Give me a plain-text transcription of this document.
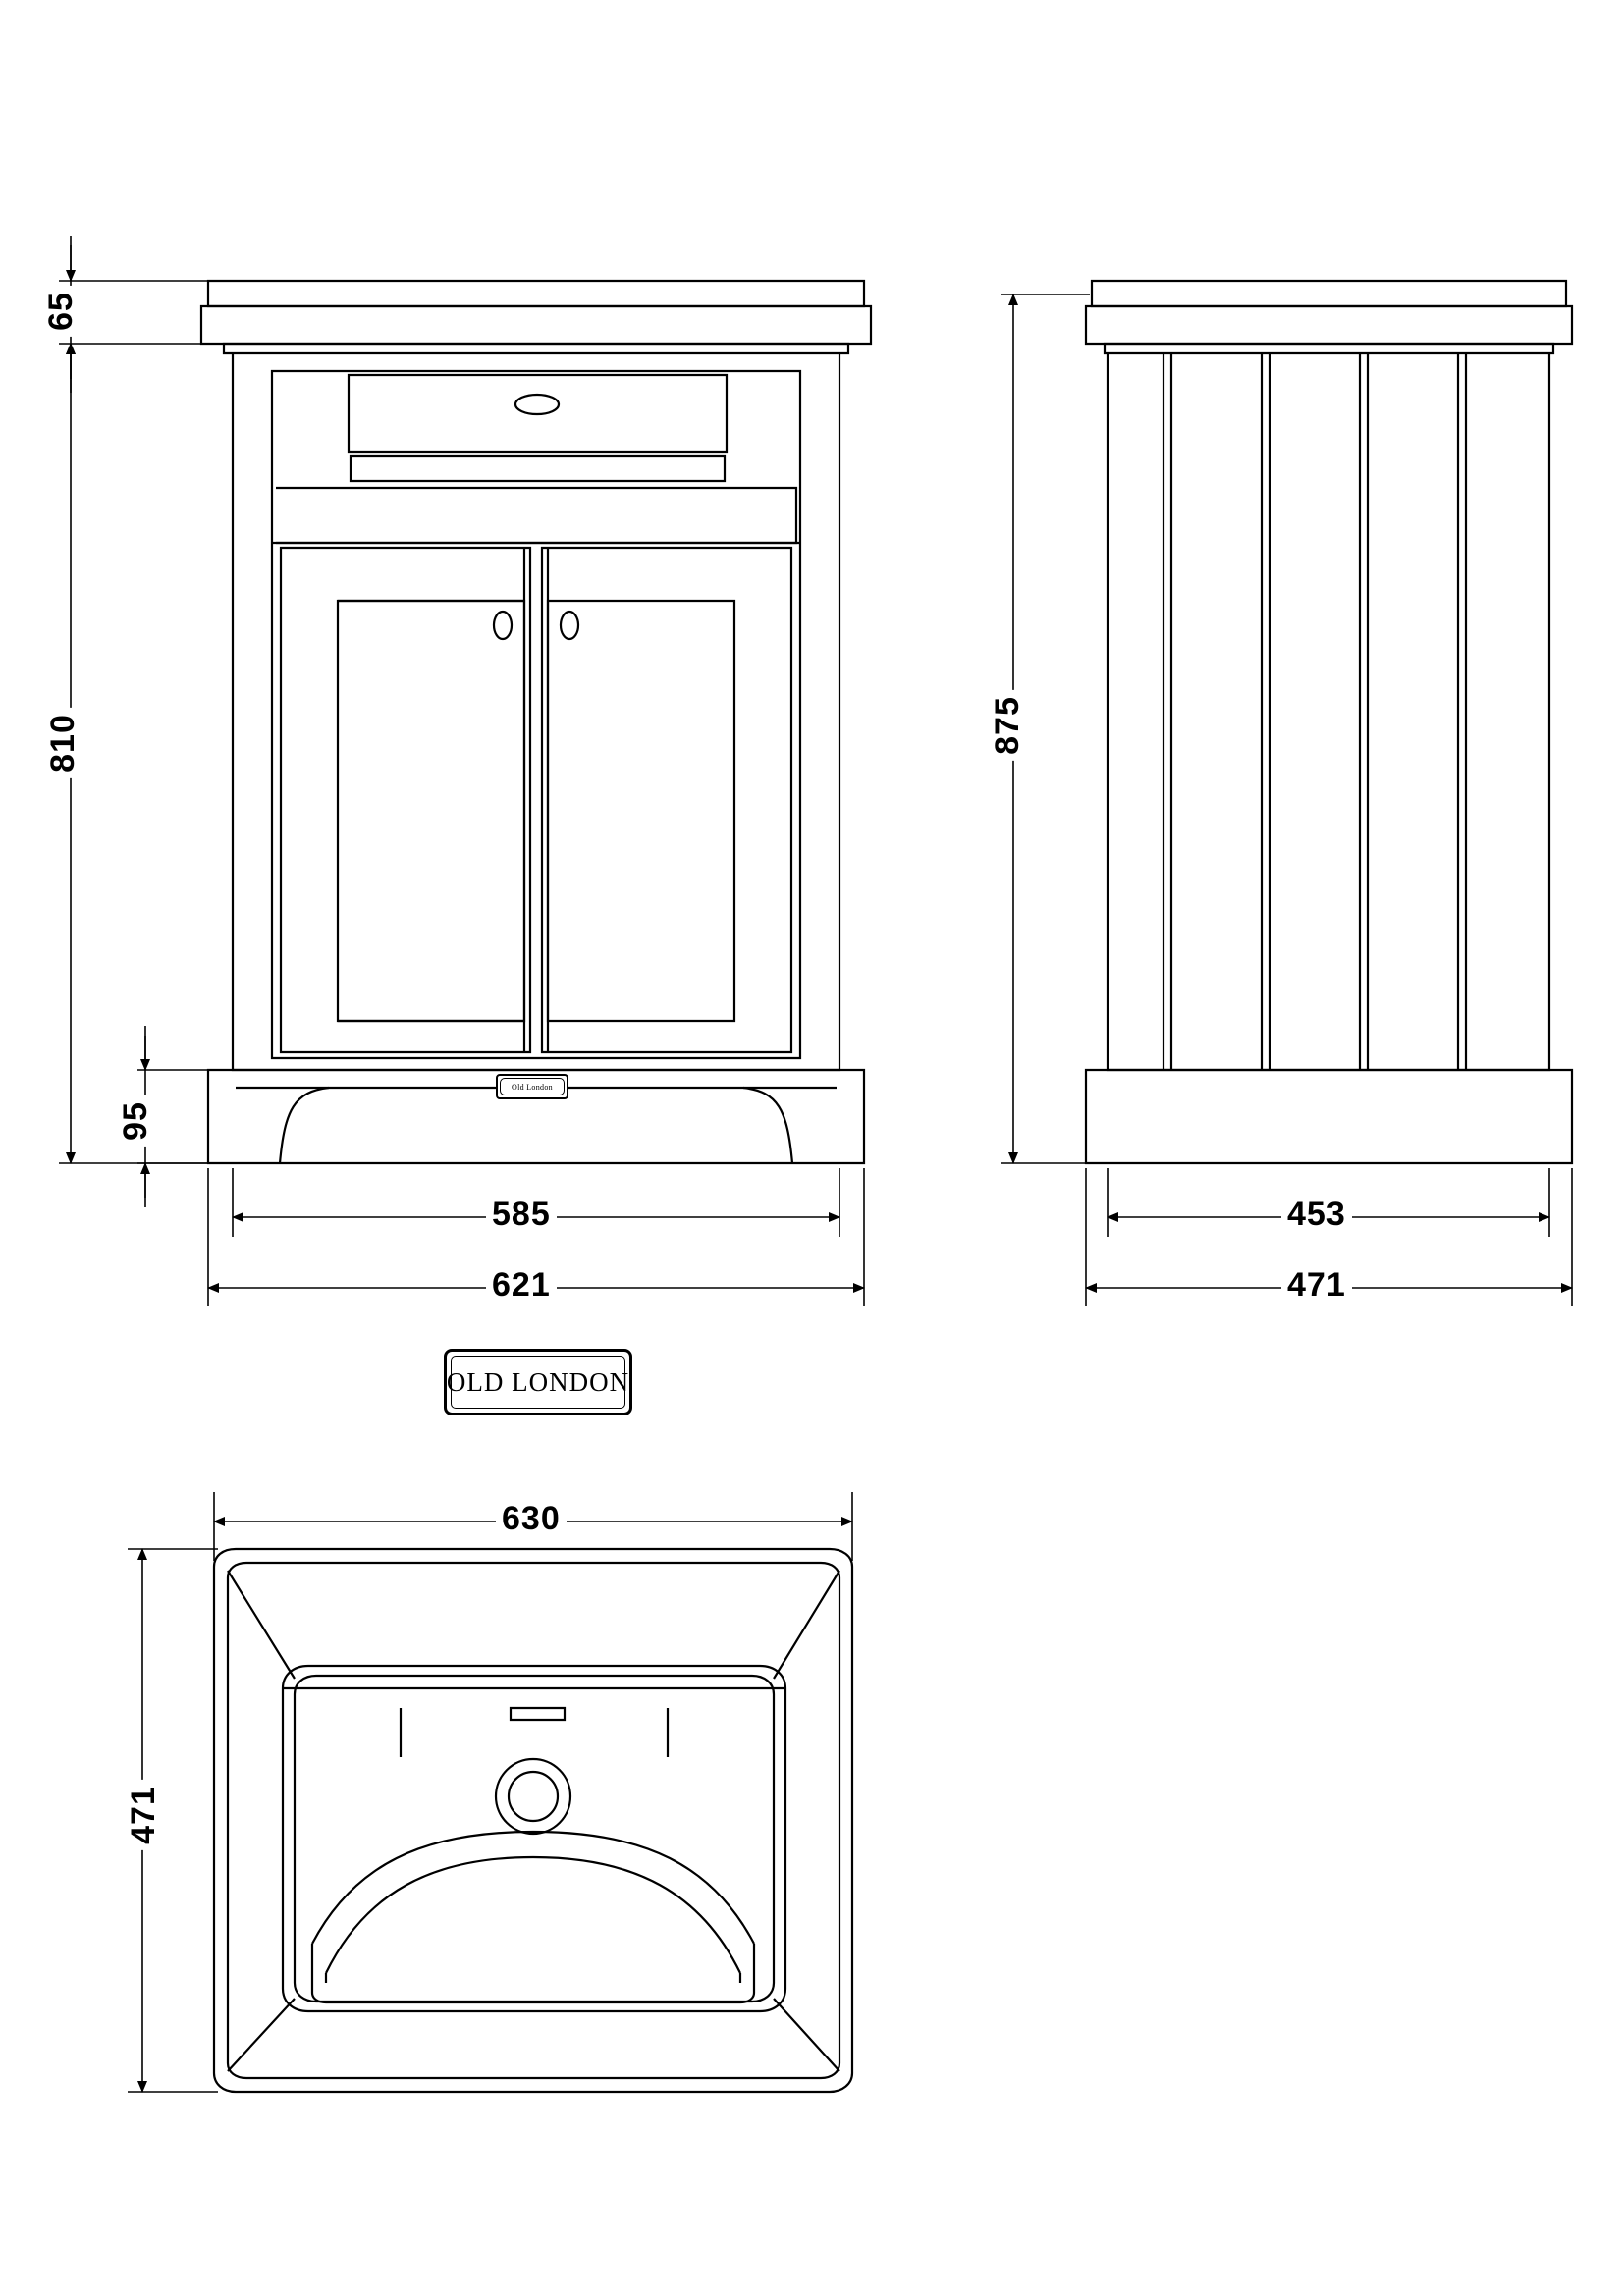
65
810
95
585
621
875
453
471
630
471
OLD LONDON
Old London
